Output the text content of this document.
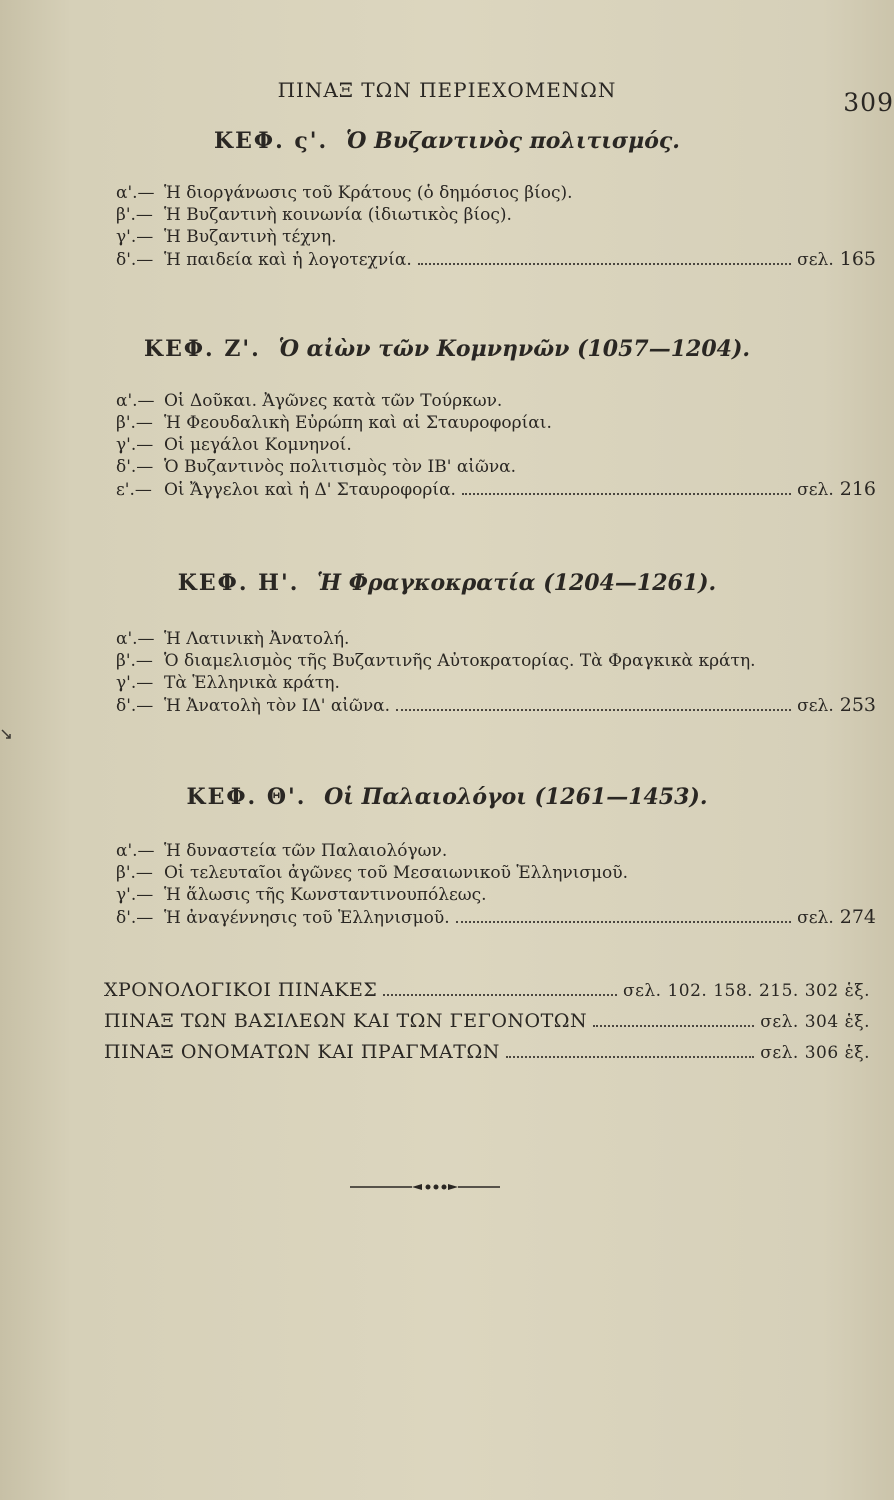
ΠΙΝΑΞ ΤΩΝ ΠΕΡΙΕΧΟΜΕΝΩΝ	309
ΚΕΦ. ς'. Ὁ Βυζαντινὸς πολιτισμός.
α'.— Ἡ διοργάνωσις τοῦ Κράτους (ὁ δημόσιος βίος).
β'.— Ἡ Βυζαντινὴ κοινωνία (ἰδιωτικὸς βίος).
γ'.— Ἡ Βυζαντινὴ τέχνη.
δ'.— Ἡ παιδεία καὶ ἡ λογοτεχνία.	σελ. 165
ΚΕΦ. Ζ'. Ὁ αἰὼν τῶν Κομνηνῶν (1057—1204).
α'.— Οἱ Δοῦκαι. Ἀγῶνες κατὰ τῶν Τούρκων.
β'.— Ἡ Φεουδαλικὴ Εὐρώπη καὶ αἱ Σταυροφορίαι.
γ'.— Οἱ μεγάλοι Κομνηνοί.
δ'.— Ὁ Βυζαντινὸς πολιτισμὸς τὸν ΙΒ' αἰῶνα.
ε'.— Οἱ Ἄγγελοι καὶ ἡ Δ' Σταυροφορία.	σελ. 216
ΚΕΦ. Η'. Ἡ Φραγκοκρατία (1204—1261).
α'.— Ἡ Λατινικὴ Ἀνατολή.
β'.— Ὁ διαμελισμὸς τῆς Βυζαντινῆς Αὐτοκρατορίας. Τὰ Φραγκικὰ κράτη.
γ'.— Τὰ Ἑλληνικὰ κράτη.
δ'.— Ἡ Ἀνατολὴ τὸν ΙΔ' αἰῶνα.	σελ. 253
ΚΕΦ. Θ'. Οἱ Παλαιολόγοι (1261—1453).
α'.— Ἡ δυναστεία τῶν Παλαιολόγων.
β'.— Οἱ τελευταῖοι ἀγῶνες τοῦ Μεσαιωνικοῦ Ἑλληνισμοῦ.
γ'.— Ἡ ἅλωσις τῆς Κωνσταντινουπόλεως.
δ'.— Ἡ ἀναγέννησις τοῦ Ἑλληνισμοῦ.	σελ. 274
ΧΡΟΝΟΛΟΓΙΚΟΙ ΠΙΝΑΚΕΣ	σελ. 102. 158. 215. 302 ἑξ.
ΠΙΝΑΞ ΤΩΝ ΒΑΣΙΛΕΩΝ ΚΑΙ ΤΩΝ ΓΕΓΟΝΟΤΩΝ	σελ. 304 ἑξ.
ΠΙΝΑΞ ΟΝΟΜΑΤΩΝ ΚΑΙ ΠΡΑΓΜΑΤΩΝ	σελ. 306 ἑξ.
